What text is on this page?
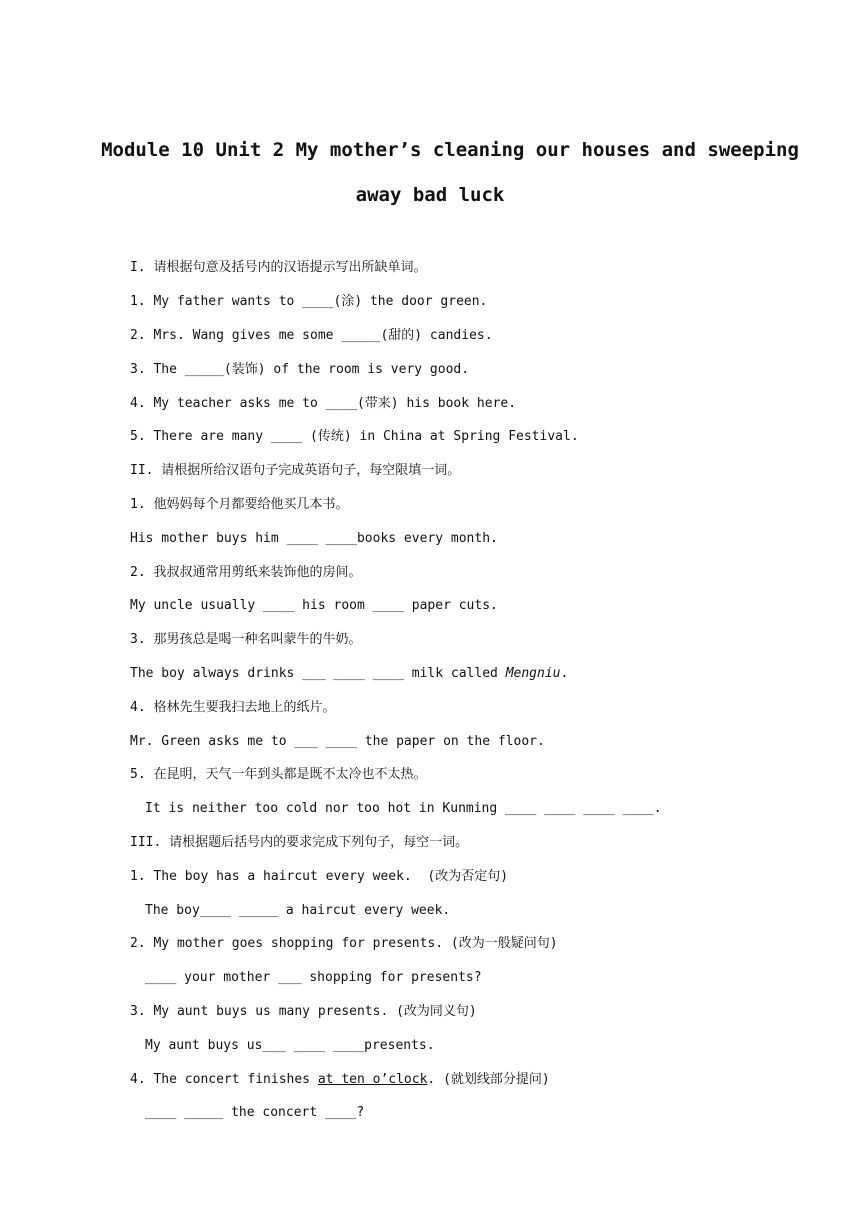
Module 10 Unit 2 My mother’s cleaning our houses and sweeping
away bad luck
I. 请根据句意及括号内的汉语提示写出所缺单词。
1. My father wants to ____(涂) the door green.
2. Mrs. Wang gives me some _____(甜的) candies.
3. The _____(装饰) of the room is very good.
4. My teacher asks me to ____(带来) his book here.
5. There are many ____ (传统) in China at Spring Festival.
II. 请根据所给汉语句子完成英语句子，每空限填一词。
1. 他妈妈每个月都要给他买几本书。
His mother buys him ____ ____books every month.
2. 我叔叔通常用剪纸来装饰他的房间。
My uncle usually ____ his room ____ paper cuts.
3. 那男孩总是喝一种名叫蒙牛的牛奶。
The boy always drinks ___ ____ ____ milk called Mengniu.
4. 格林先生要我扫去地上的纸片。
Mr. Green asks me to ___ ____ the paper on the floor.
5. 在昆明，天气一年到头都是既不太冷也不太热。
It is neither too cold nor too hot in Kunming ____ ____ ____ ____.
III. 请根据题后括号内的要求完成下列句子，每空一词。
1. The boy has a haircut every week.  (改为否定句)
The boy____ _____ a haircut every week.
2. My mother goes shopping for presents. (改为一般疑问句)
____ your mother ___ shopping for presents?
3. My aunt buys us many presents. (改为同义句)
My aunt buys us___ ____ ____presents.
4. The concert finishes at ten o’clock. (就划线部分提问)
____ _____ the concert ____?
